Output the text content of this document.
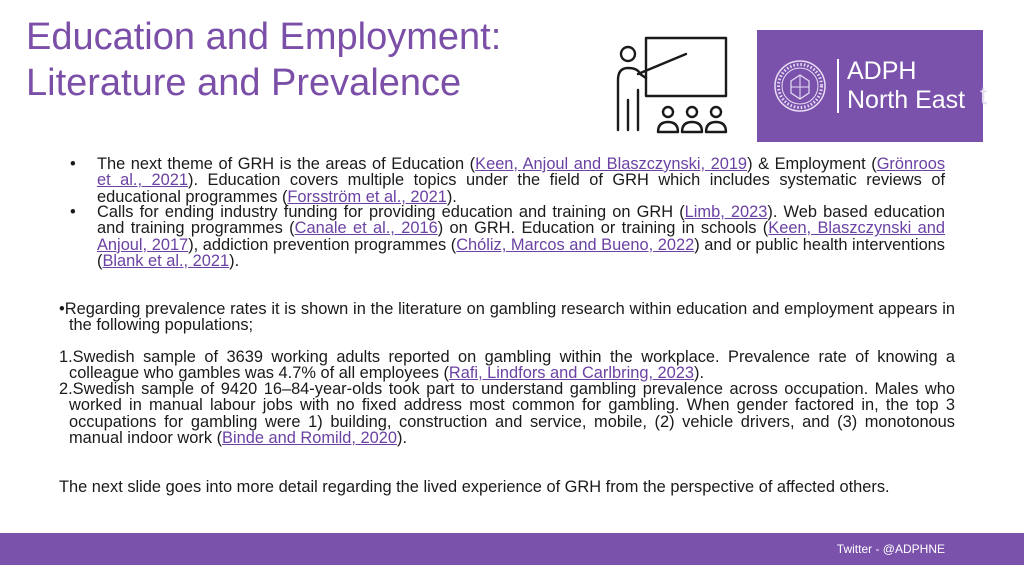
Education and Employment:
Literature and Prevalence	ADPH
North East t
•	The next theme of GRH is the areas of Education (Keen, Anjoul and Blaszczynski, 2019) & Employment (Grönroos et al., 2021). Education covers multiple topics under the field of GRH which includes systematic reviews of educational programmes (Forsström et al., 2021).

•	Calls for ending industry funding for providing education and training on GRH (Limb, 2023). Web based education and training programmes (Canale et al., 2016) on GRH. Education or training in schools (Keen, Blaszczynski and Anjoul, 2017), addiction prevention programmes (Chóliz, Marcos and Bueno, 2022) and or public health interventions (Blank et al., 2021).

•Regarding prevalence rates it is shown in the literature on gambling research within education and employment appears in the following populations;

1.Swedish sample of 3639 working adults reported on gambling within the workplace. Prevalence rate of knowing a colleague who gambles was 4.7% of all employees (Rafi, Lindfors and Carlbring, 2023).

2.Swedish sample of 9420 16–84-year-olds took part to understand gambling prevalence across occupation. Males who worked in manual labour jobs with no fixed address most common for gambling. When gender factored in, the top 3 occupations for gambling were 1) building, construction and service, mobile, (2) vehicle drivers, and (3) monotonous manual indoor work (Binde and Romild, 2020).

The next slide goes into more detail regarding the lived experience of GRH from the perspective of affected others.

Twitter - @ADPHNE
